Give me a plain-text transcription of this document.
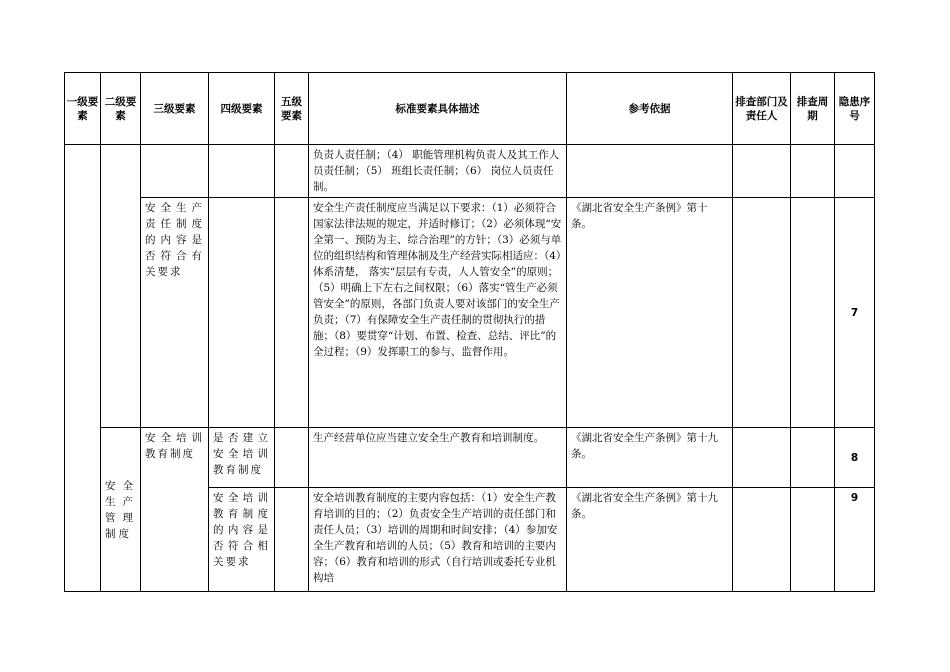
一级要素	二级要素	三级要素	四级要素	五级要素	标准要素具体描述	参考依据	排查部门及责任人	排查周期	隐患序号
					负责人责任制；（4） 职能管理机构负责人及其工作人员责任制；（5） 班组长责任制；（6） 岗位人员责任制。				
		安全生产责任制度的内容是否符合有关要求			安全生产责任制度应当满足以下要求：（1）必须符合国家法律法规的规定，并适时修订；（2）必须体现“安全第一、预防为主、综合治理”的方针；（3）必须与单位的组织结构和管理体制及生产经营实际相适应：（4）体系清楚， 落实“层层有专责，人人管安全”的原则；（5）明确上下左右之间权限；（6）落实“管生产必须管安全”的原则，各部门负责人要对该部门的安全生产负责；（7）有保障安全生产责任制的贯彻执行的措施；（8）要贯穿“计划、布置、检查、总结、评比”的全过程；（9）发挥职工的参与、监督作用。	《湖北省安全生产条例》第十条。			7
	安全生产管理制度	安全培训教育制度	是否建立安全培训教育制度		生产经营单位应当建立安全生产教育和培训制度。	《湖北省安全生产条例》第十九条。			8
			安全培训教育制度的内容是否符合相关要求		安全培训教育制度的主要内容包括：（1）安全生产教育培训的目的；（2）负责安全生产培训的责任部门和责任人员；（3）培训的周期和时间安排；（4）参加安全生产教育和培训的人员；（5）教育和培训的主要内容；（6）教育和培训的形式（自行培训或委托专业机构培	《湖北省安全生产条例》第十九条。			9
